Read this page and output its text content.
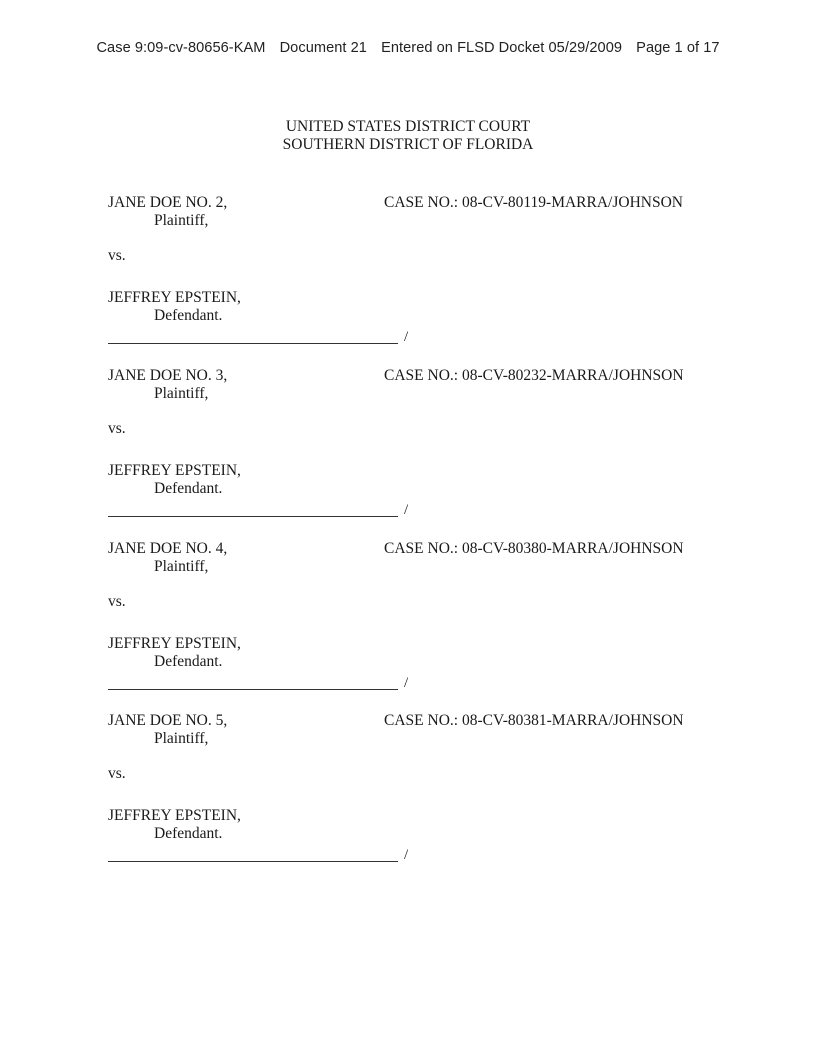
Case 9:09-cv-80656-KAM Document 21 Entered on FLSD Docket 05/29/2009 Page 1 of 17
UNITED STATES DISTRICT COURT
SOUTHERN DISTRICT OF FLORIDA
JANE DOE NO. 2,
Plaintiff,
CASE NO.: 08-CV-80119-MARRA/JOHNSON
vs.
JEFFREY EPSTEIN,
Defendant.
/
JANE DOE NO. 3,
Plaintiff,
CASE NO.: 08-CV-80232-MARRA/JOHNSON
vs.
JEFFREY EPSTEIN,
Defendant.
/
JANE DOE NO. 4,
Plaintiff,
CASE NO.: 08-CV-80380-MARRA/JOHNSON
vs.
JEFFREY EPSTEIN,
Defendant.
/
JANE DOE NO. 5,
Plaintiff,
CASE NO.: 08-CV-80381-MARRA/JOHNSON
vs.
JEFFREY EPSTEIN,
Defendant.
/
